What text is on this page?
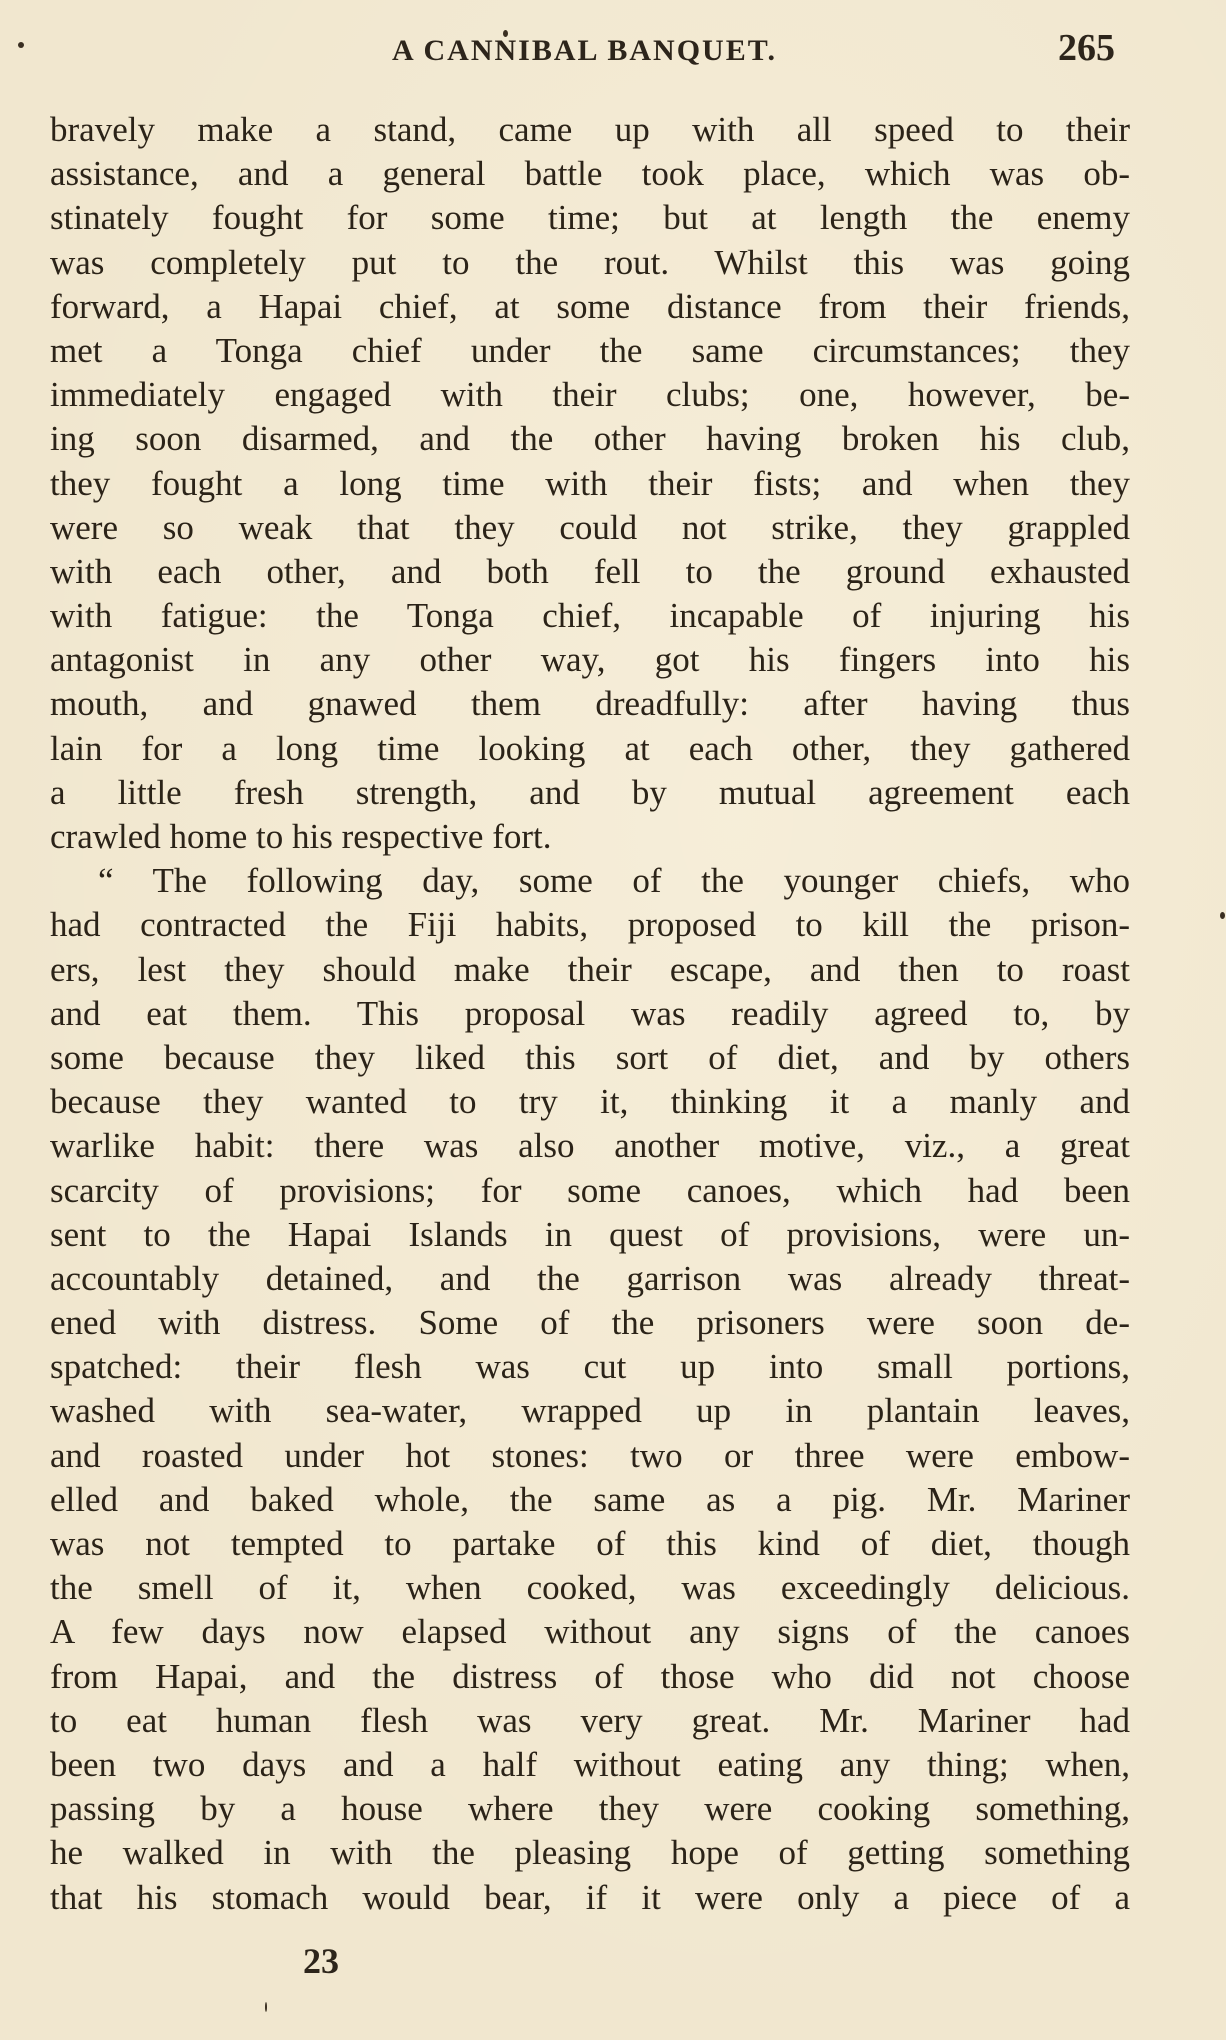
A CANNIBAL BANQUET.	265
bravely make a stand, came up with all speed to their
assistance, and a general battle took place, which was ob-
stinately fought for some time; but at length the enemy
was completely put to the rout. Whilst this was going
forward, a Hapai chief, at some distance from their friends,
met a Tonga chief under the same circumstances; they
immediately engaged with their clubs; one, however, be-
ing soon disarmed, and the other having broken his club,
they fought a long time with their fists; and when they
were so weak that they could not strike, they grappled
with each other, and both fell to the ground exhausted
with fatigue: the Tonga chief, incapable of injuring his
antagonist in any other way, got his fingers into his
mouth, and gnawed them dreadfully: after having thus
lain for a long time looking at each other, they gathered
a little fresh strength, and by mutual agreement each
crawled home to his respective fort.
“ The following day, some of the younger chiefs, who
had contracted the Fiji habits, proposed to kill the prison-
ers, lest they should make their escape, and then to roast
and eat them. This proposal was readily agreed to, by
some because they liked this sort of diet, and by others
because they wanted to try it, thinking it a manly and
warlike habit: there was also another motive, viz., a great
scarcity of provisions; for some canoes, which had been
sent to the Hapai Islands in quest of provisions, were un-
accountably detained, and the garrison was already threat-
ened with distress. Some of the prisoners were soon de-
spatched: their flesh was cut up into small portions,
washed with sea-water, wrapped up in plantain leaves,
and roasted under hot stones: two or three were embow-
elled and baked whole, the same as a pig. Mr. Mariner
was not tempted to partake of this kind of diet, though
the smell of it, when cooked, was exceedingly delicious.
A few days now elapsed without any signs of the canoes
from Hapai, and the distress of those who did not choose
to eat human flesh was very great. Mr. Mariner had
been two days and a half without eating any thing; when,
passing by a house where they were cooking something,
he walked in with the pleasing hope of getting something
that his stomach would bear, if it were only a piece of a
23
